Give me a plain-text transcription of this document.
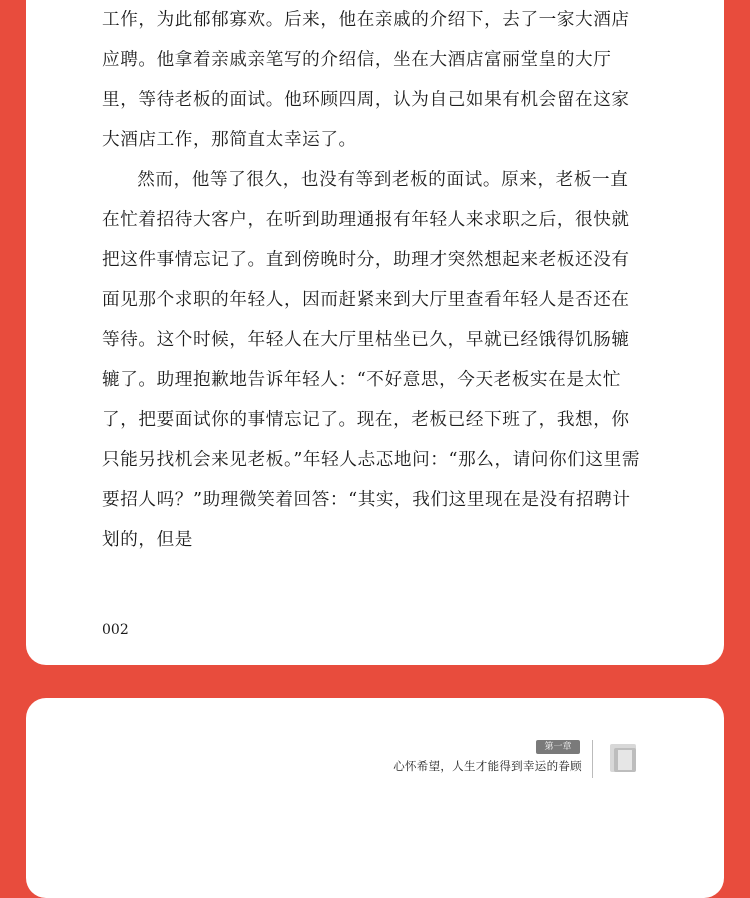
工作，为此郁郁寡欢。后来，他在亲戚的介绍下，去了一家大酒店应聘。他拿着亲戚亲笔写的介绍信，坐在大酒店富丽堂皇的大厅里，等待老板的面试。他环顾四周，认为自己如果有机会留在这家大酒店工作，那简直太幸运了。

然而，他等了很久，也没有等到老板的面试。原来，老板一直在忙着招待大客户，在听到助理通报有年轻人来求职之后，很快就把这件事情忘记了。直到傍晚时分，助理才突然想起来老板还没有面见那个求职的年轻人，因而赶紧来到大厅里查看年轻人是否还在等待。这个时候，年轻人在大厅里枯坐已久，早就已经饿得饥肠辘辘了。助理抱歉地告诉年轻人：“不好意思，今天老板实在是太忙了，把要面试你的事情忘记了。现在，老板已经下班了，我想，你只能另找机会来见老板。”年轻人忐忑地问：“那么，请问你们这里需要招人吗？”助理微笑着回答：“其实，我们这里现在是没有招聘计划的，但是

002
第一章
心怀希望，人生才能得到幸运的眷顾
